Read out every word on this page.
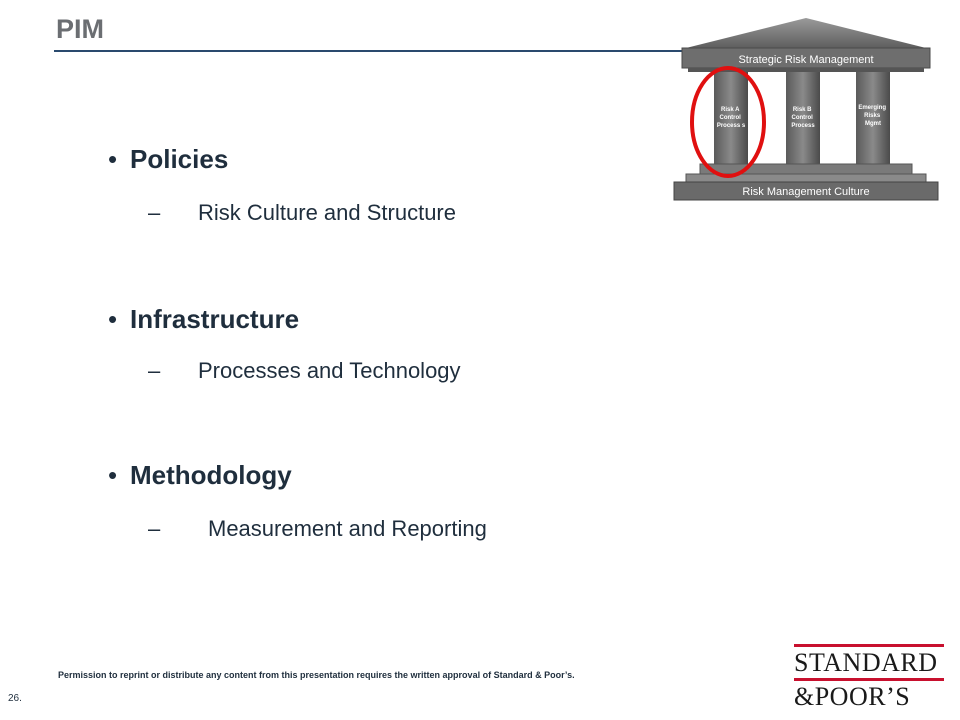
PIM
• Policies
– Risk Culture and Structure
• Infrastructure
– Processes and Technology
• Methodology
– Measurement and Reporting
Strategic Risk Management
Risk A Control Process s
Risk B Control Process
Emerging Risks Mgmt
Risk Management Culture
Permission to reprint or distribute any content from this presentation requires the written approval of Standard & Poor’s.
26.
STANDARD
&POOR’S
